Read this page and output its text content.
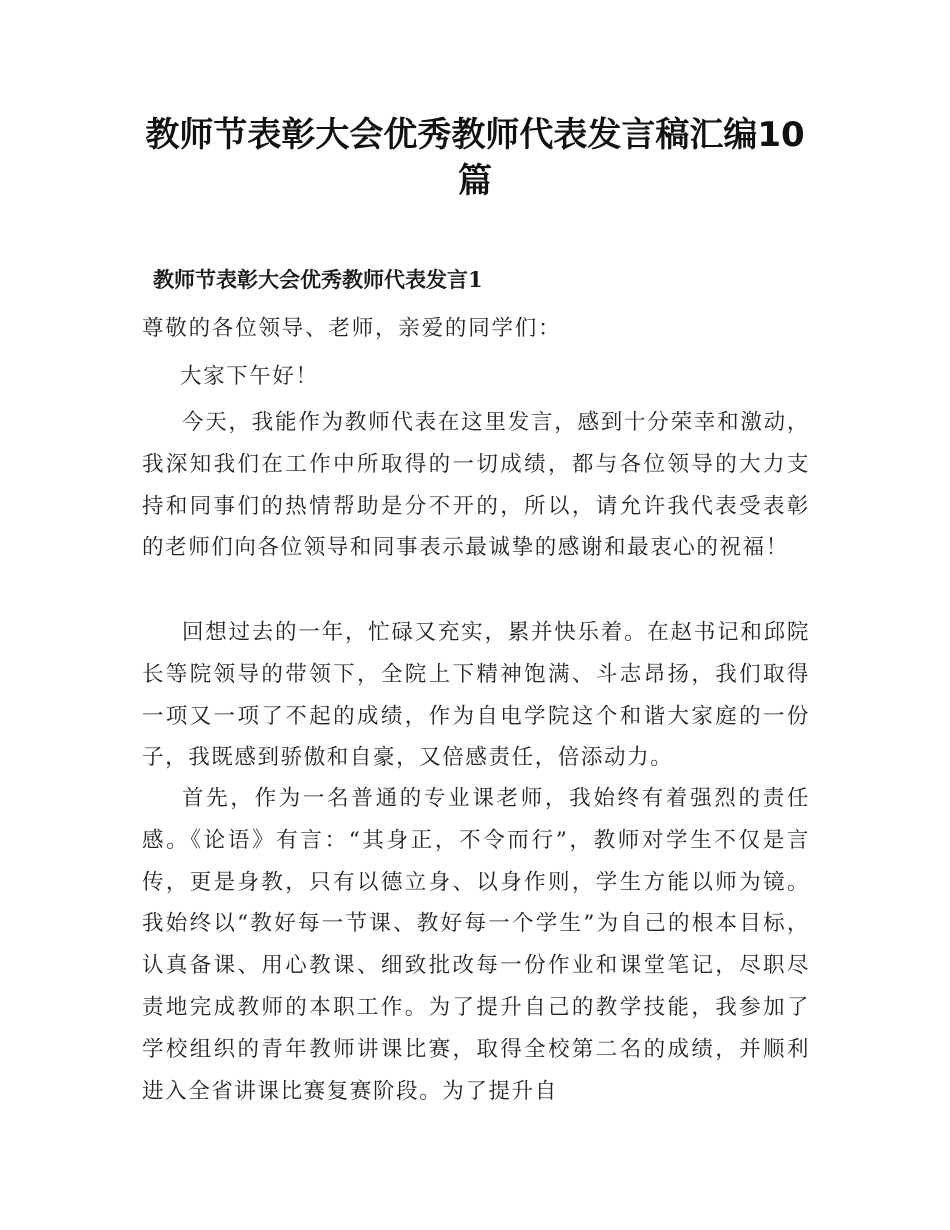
教师节表彰大会优秀教师代表发言稿汇编10篇
教师节表彰大会优秀教师代表发言1

尊敬的各位领导、老师，亲爱的同学们：

大家下午好！

今天，我能作为教师代表在这里发言，感到十分荣幸和激动，我深知我们在工作中所取得的一切成绩，都与各位领导的大力支持和同事们的热情帮助是分不开的，所以，请允许我代表受表彰的老师们向各位领导和同事表示最诚挚的感谢和最衷心的祝福！

回想过去的一年，忙碌又充实，累并快乐着。在赵书记和邱院长等院领导的带领下，全院上下精神饱满、斗志昂扬，我们取得一项又一项了不起的成绩，作为自电学院这个和谐大家庭的一份子，我既感到骄傲和自豪，又倍感责任，倍添动力。

首先，作为一名普通的专业课老师，我始终有着强烈的责任感。《论语》有言：“其身正，不令而行”，教师对学生不仅是言传，更是身教，只有以德立身、以身作则，学生方能以师为镜。我始终以“教好每一节课、教好每一个学生”为自己的根本目标，认真备课、用心教课、细致批改每一份作业和课堂笔记，尽职尽责地完成教师的本职工作。为了提升自己的教学技能，我参加了学校组织的青年教师讲课比赛，取得全校第二名的成绩，并顺利进入全省讲课比赛复赛阶段。为了提升自
